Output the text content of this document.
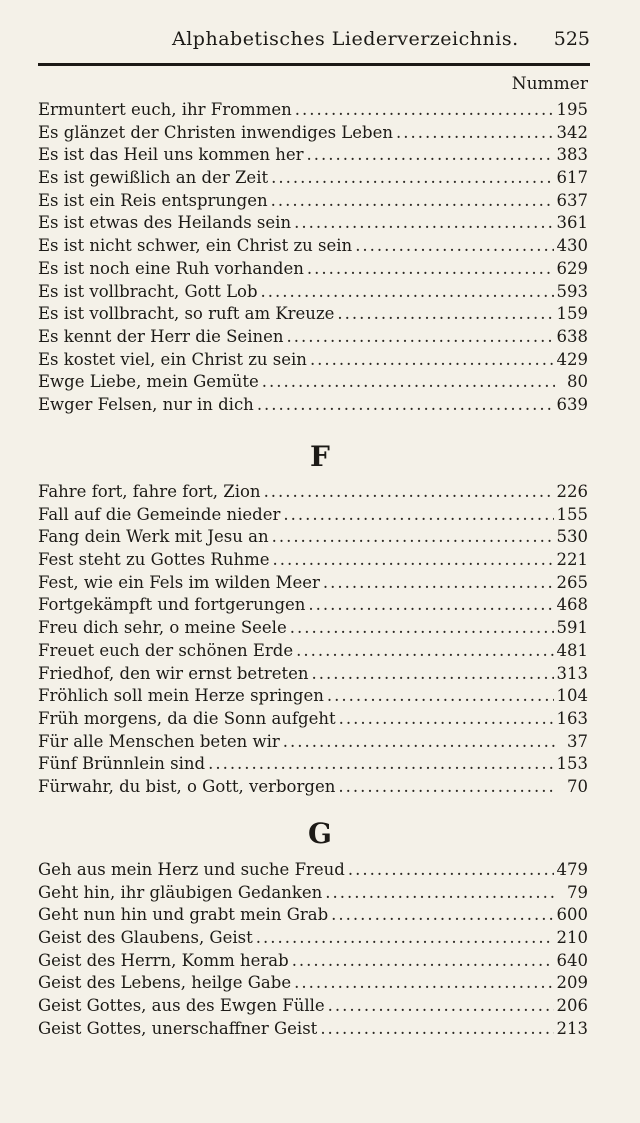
Alphabetisches Liederverzeichnis. 525
Nummer
Ermuntert euch, ihr Frommen .....	195
Es glänzet der Christen inwendiges Leben .....	342
Es ist das Heil uns kommen her .....	383
Es ist gewißlich an der Zeit .....	617
Es ist ein Reis entsprungen .....	637
Es ist etwas des Heilands sein .....	361
Es ist nicht schwer, ein Christ zu sein .....	430
Es ist noch eine Ruh vorhanden .....	629
Es ist vollbracht, Gott Lob .....	593
Es ist vollbracht, so ruft am Kreuze .....	159
Es kennt der Herr die Seinen .....	638
Es kostet viel, ein Christ zu sein .....	429
Ewge Liebe, mein Gemüte .....	80
Ewger Felsen, nur in dich .....	639
F
Fahre fort, fahre fort, Zion .....	226
Fall auf die Gemeinde nieder .....	155
Fang dein Werk mit Jesu an .....	530
Fest steht zu Gottes Ruhme .....	221
Fest, wie ein Fels im wilden Meer .....	265
Fortgekämpft und fortgerungen .....	468
Freu dich sehr, o meine Seele .....	591
Freuet euch der schönen Erde .....	481
Friedhof, den wir ernst betreten .....	313
Fröhlich soll mein Herze springen .....	104
Früh morgens, da die Sonn aufgeht .....	163
Für alle Menschen beten wir .....	37
Fünf Brünnlein sind .....	153
Fürwahr, du bist, o Gott, verborgen .....	70
G
Geh aus mein Herz und suche Freud .....	479
Geht hin, ihr gläubigen Gedanken .....	79
Geht nun hin und grabt mein Grab .....	600
Geist des Glaubens, Geist .....	210
Geist des Herrn, Komm herab .....	640
Geist des Lebens, heilge Gabe .....	209
Geist Gottes, aus des Ewgen Fülle .....	206
Geist Gottes, unerschaffner Geist .....	213
